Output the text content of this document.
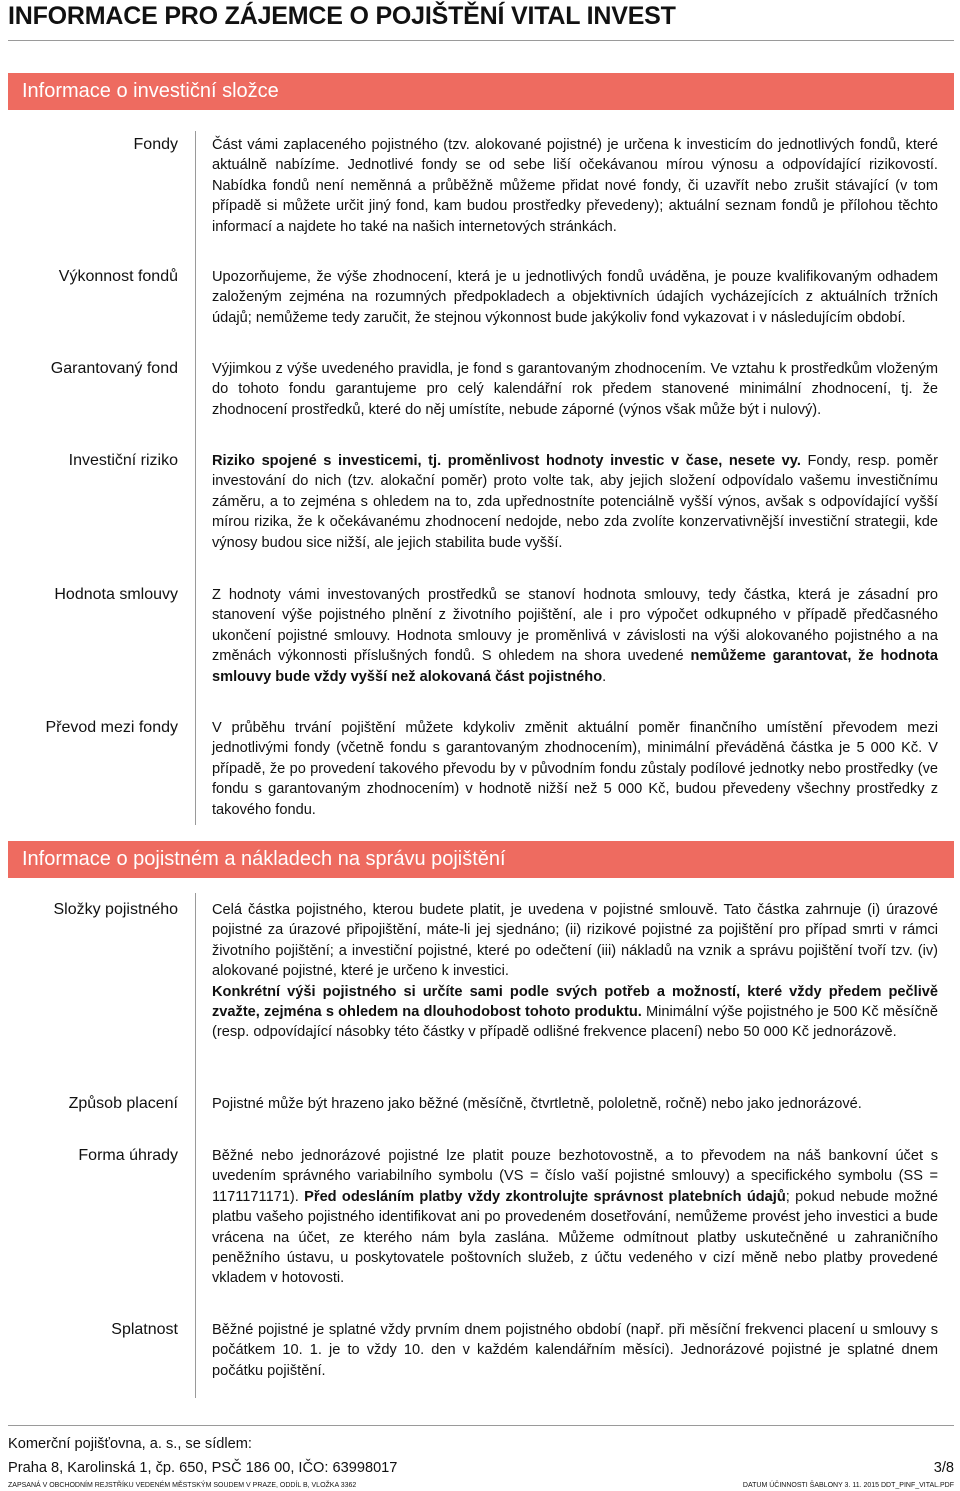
INFORMACE PRO ZÁJEMCE O POJIŠTĚNÍ VITAL INVEST
Informace o investiční složce
Fondy Část vámi zaplaceného pojistného (tzv. alokované pojistné) je určena k investicím do jednotlivých fondů, které aktuálně nabízíme. Jednotlivé fondy se od sebe liší očekávanou mírou výnosu a odpovídající rizikovostí. Nabídka fondů není neměnná a průběžně můžeme přidat nové fondy, či uzavřít nebo zrušit stávající (v tom případě si můžete určit jiný fond, kam budou prostředky převedeny); aktuální seznam fondů je přílohou těchto informací a najdete ho také na našich internetových stránkách.
Výkonnost fondů Upozorňujeme, že výše zhodnocení, která je u jednotlivých fondů uváděna, je pouze kvalifikovaným odhadem založeným zejména na rozumných předpokladech a objektivních údajích vycházejících z aktuálních tržních údajů; nemůžeme tedy zaručit, že stejnou výkonnost bude jakýkoliv fond vykazovat i v následujícím období.
Garantovaný fond Výjimkou z výše uvedeného pravidla, je fond s garantovaným zhodnocením. Ve vztahu k prostředkům vloženým do tohoto fondu garantujeme pro celý kalendářní rok předem stanovené minimální zhodnocení, tj. že zhodnocení prostředků, které do něj umístíte, nebude záporné (výnos však může být i nulový).
Investiční riziko Riziko spojené s investicemi, tj. proměnlivost hodnoty investic v čase, nesete vy. Fondy, resp. poměr investování do nich (tzv. alokační poměr) proto volte tak, aby jejich složení odpovídalo vašemu investičnímu záměru, a to zejména s ohledem na to, zda upřednostníte potenciálně vyšší výnos, avšak s odpovídající vyšší mírou rizika, že k očekávanému zhodnocení nedojde, nebo zda zvolíte konzervativnější investiční strategii, kde výnosy budou sice nižší, ale jejich stabilita bude vyšší.
Hodnota smlouvy Z hodnoty vámi investovaných prostředků se stanoví hodnota smlouvy, tedy částka, která je zásadní pro stanovení výše pojistného plnění z životního pojištění, ale i pro výpočet odkupného v případě předčasného ukončení pojistné smlouvy. Hodnota smlouvy je proměnlivá v závislosti na výši alokovaného pojistného a na změnách výkonnosti příslušných fondů. S ohledem na shora uvedené nemůžeme garantovat, že hodnota smlouvy bude vždy vyšší než alokovaná část pojistného.
Převod mezi fondy V průběhu trvání pojištění můžete kdykoliv změnit aktuální poměr finančního umístění převodem mezi jednotlivými fondy (včetně fondu s garantovaným zhodnocením), minimální převáděná částka je 5 000 Kč. V případě, že po provedení takového převodu by v původním fondu zůstaly podílové jednotky nebo prostředky (ve fondu s garantovaným zhodnocením) v hodnotě nižší než 5 000 Kč, budou převedeny všechny prostředky z takového fondu.
Informace o pojistném a nákladech na správu pojištění
Složky pojistného Celá částka pojistného, kterou budete platit, je uvedena v pojistné smlouvě. Tato částka zahrnuje (i) úrazové pojistné za úrazové připojištění, máte-li jej sjednáno; (ii) rizikové pojistné za pojištění pro případ smrti v rámci životního pojištění; a investiční pojistné, které po odečtení (iii) nákladů na vznik a správu pojištění tvoří tzv. (iv) alokované pojistné, které je určeno k investici.
Konkrétní výši pojistného si určíte sami podle svých potřeb a možností, které vždy předem pečlivě zvažte, zejména s ohledem na dlouhodobost tohoto produktu. Minimální výše pojistného je 500 Kč měsíčně (resp. odpovídající násobky této částky v případě odlišné frekvence placení) nebo 50 000 Kč jednorázově.
Způsob placení Pojistné může být hrazeno jako běžné (měsíčně, čtvrtletně, pololetně, ročně) nebo jako jednorázové.
Forma úhrady Běžné nebo jednorázové pojistné lze platit pouze bezhotovostně, a to převodem na náš bankovní účet s uvedením správného variabilního symbolu (VS = číslo vaší pojistné smlouvy) a specifického symbolu (SS = 1171171171). Před odesláním platby vždy zkontrolujte správnost platebních údajů; pokud nebude možné platbu vašeho pojistného identifikovat ani po provedeném dosetřování, nemůžeme provést jeho investici a bude vrácena na účet, ze kterého nám byla zaslána. Můžeme odmítnout platby uskutečněné u zahraničního peněžního ústavu, u poskytovatele poštovních služeb, z účtu vedeného v cizí měně nebo platby provedené vkladem v hotovosti.
Splatnost Běžné pojistné je splatné vždy prvním dnem pojistného období (např. při měsíční frekvenci placení u smlouvy s počátkem 10. 1. je to vždy 10. den v každém kalendářním měsíci). Jednorázové pojistné je splatné dnem počátku pojištění.
Komerční pojišťovna, a. s., se sídlem:
Praha 8, Karolinská 1, čp. 650, PSČ 186 00, IČO: 63998017	3/8
ZAPSANÁ V OBCHODNÍM REJSTŘÍKU VEDENÉM MĚSTSKÝM SOUDEM V PRAZE, ODDÍL B, VLOŽKA 3362	DATUM ÚČINNOSTI ŠABLONY 3. 11. 2015 DDT_PINF_VITAL.PDF
